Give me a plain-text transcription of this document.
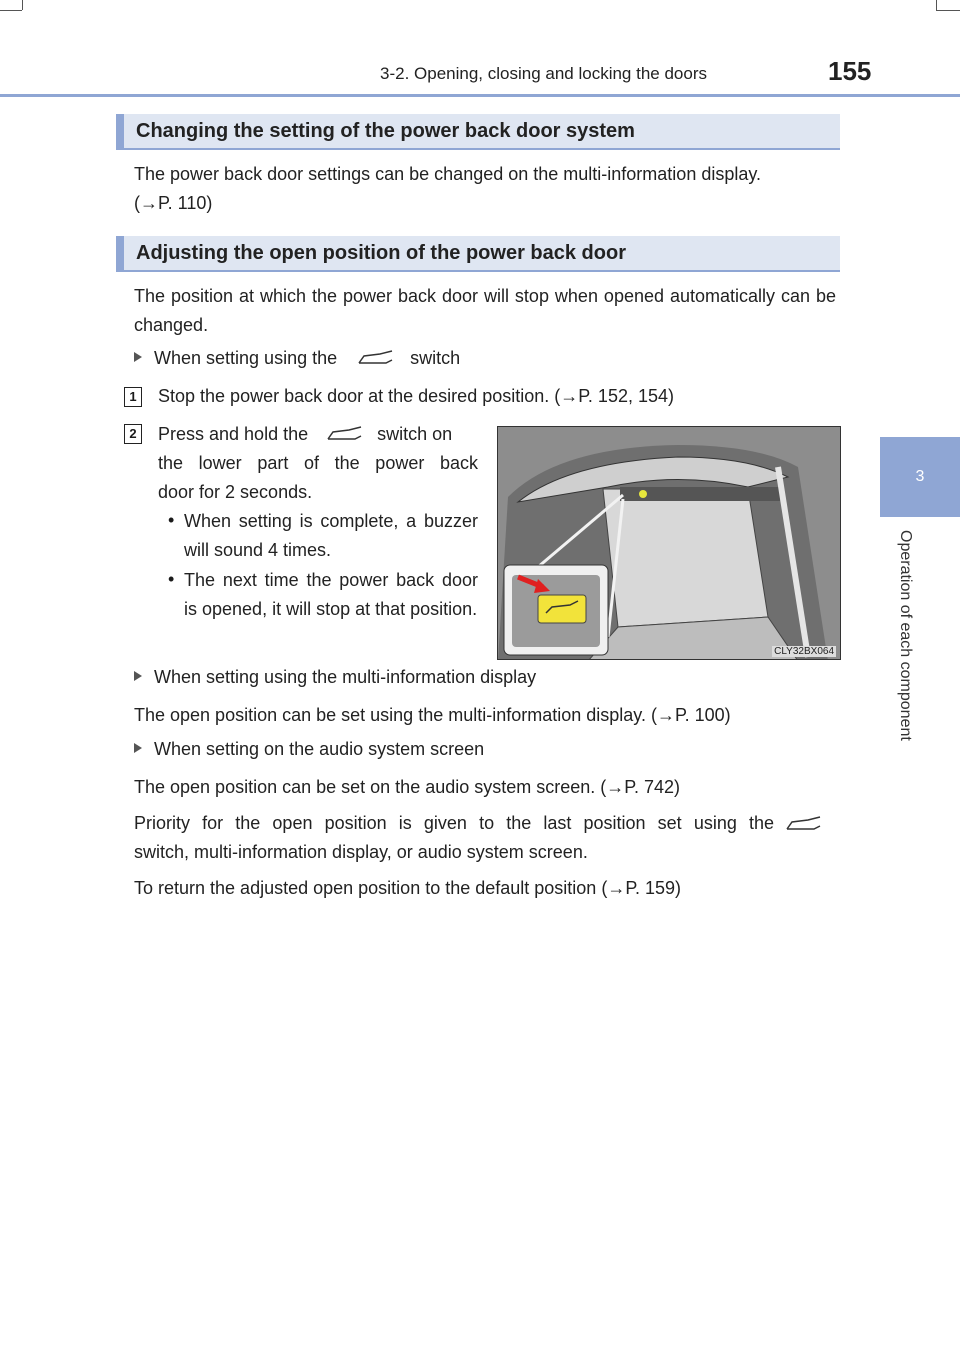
3-2. Opening, closing and locking the doors	155
3
Operation of each component
Changing the setting of the power back door system
The power back door settings can be changed on the multi-information display.
(→P. 110)
Adjusting the open position of the power back door
The position at which the power back door will stop when opened automatically can be changed.
When setting using the	switch
1 Stop the power back door at the desired position. (→P. 152, 154)
2 Press and hold the	switch on
the lower part of the power back
door for 2 seconds.
• When setting is complete, a buzzer will sound 4 times.
• The next time the power back door is opened, it will stop at that position.
CLY32BX064
When setting using the multi-information display
The open position can be set using the multi-information display. (→P. 100)
When setting on the audio system screen
The open position can be set on the audio system screen. (→P. 742)
Priority for the open position is given to the last position set using the
switch, multi-information display, or audio system screen.
To return the adjusted open position to the default position (→P. 159)
